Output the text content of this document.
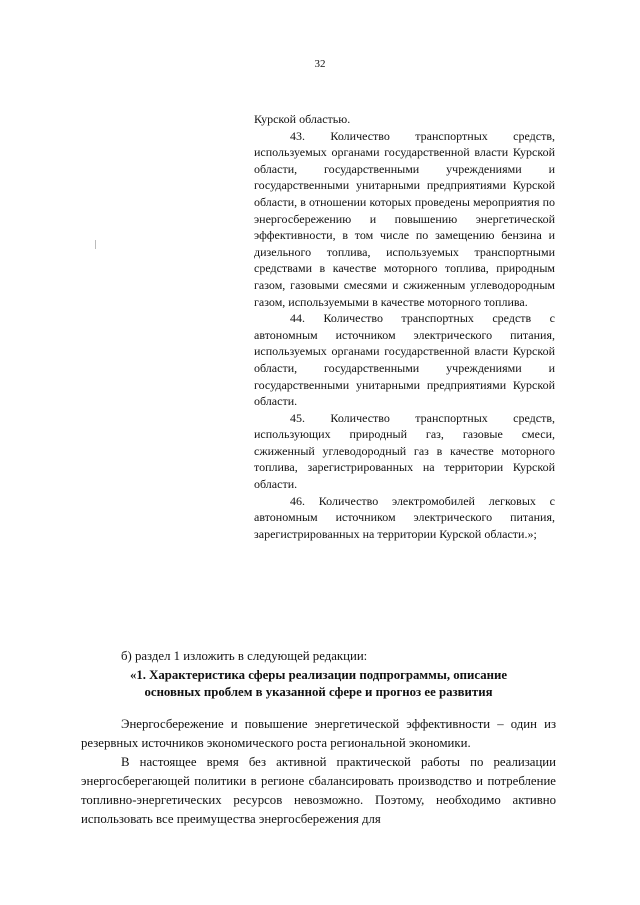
32

Курской областью.

43. Количество транспортных средств, используемых органами государственной власти Курской области, государственными учреждениями и государственными унитарными предприятиями Курской области, в отношении которых проведены мероприятия по энергосбережению и повышению энергетической эффективности, в том числе по замещению бензина и дизельного топлива, используемых транспортными средствами в качестве моторного топлива, природным газом, газовыми смесями и сжиженным углеводородным газом, используемыми в качестве моторного топлива.

44. Количество транспортных средств с автономным источником электрического питания, используемых органами государственной власти Курской области, государственными учреждениями и государственными унитарными предприятиями Курской области.

45. Количество транспортных средств, использующих природный газ, газовые смеси, сжиженный углеводородный газ в качестве моторного топлива, зарегистрированных на территории Курской области.

46. Количество электромобилей легковых с автономным источником электрического питания, зарегистрированных на территории Курской области.»;

б) раздел 1 изложить в следующей редакции:

«1. Характеристика сферы реализации подпрограммы, описание

основных проблем в указанной сфере и прогноз ее развития

Энергосбережение и повышение энергетической эффективности – один из резервных источников экономического роста региональной экономики.

В настоящее время без активной практической работы по реализации энергосберегающей политики в регионе сбалансировать производство и потребление топливно-энергетических ресурсов невозможно. Поэтому, необходимо активно использовать все преимущества энергосбережения для
